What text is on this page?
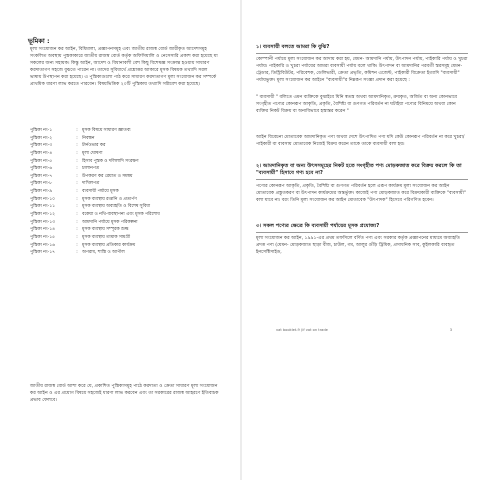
ভূমিকা :
মূল্য সংযোজন কর আইন, বিধিমালা, প্রজ্ঞাপনসমূহ এবং জাতীয় রাজস্ব বোর্ড জারীকৃত আদেশসমূহ সংকলিত অবস্থায় পুস্তকাকারে জাতীয় রাজস্ব বোর্ড কর্তৃক অফিসিয়ালি ও নেসেসারি প্রকাশ করা হয়েছে যা সকলের জন্য সহায়ক। কিন্তু আইন, আদেশ ও বিধানাবলী বেশ কিছু বিশেষজ্ঞ সংক্রান্ত হওয়ায় সাধারণ করদাতাগণ সহজে বুঝতে পারেন না। তাদের সুবিধার্থে প্রশ্নোত্তর আকারে মূসক বিষয়ক তথ্যাদি সরল ভাষায় উপস্থাপন করা হয়েছে। এ পুস্তিকাগুলো পাঠ করে সাধারণ করদাতাগণ মূল্য সংযোজন কর সম্পর্কে প্রাথমিক ধারণা লাভ করতে পারবেন। বিষয়ভিত্তিক ২০টি পুস্তিকায় তথ্যাদি সন্নিবেশ করা হয়েছে।
পুস্তিকা নং-১	: মূসক বিষয়ে সাধারণ জ্ঞাতব্য
পুস্তিকা নং-২	: নিবন্ধন
পুস্তিকা নং-৩	: টার্নওভার কর
পুস্তিকা নং-৪	: মূল্য ঘোষণা
পুস্তিকা নং-৫	: হিসাব পুস্তক ও দলিলাদি সংরক্ষণ
পুস্তিকা নং-৬	: চালানপত্র
পুস্তিকা নং-৭	: উপকরণ কর রেয়াত ও সমন্বয়
পুস্তিকা নং-৮	: দাখিলপত্র
পুস্তিকা নং-৯	: ব্যবসায়ী পর্যায়ে মূসক
পুস্তিকা নং-১০	: মূসক ব্যবস্থায় রপ্তানি ও প্রত্যর্পণ
পুস্তিকা নং-১১	: মূসক ব্যবস্থায় অব্যাহতি ও বিশেষ সুবিধা
পুস্তিকা নং-১২	: বকেয়া ও নথি-ব্যবস্থাপনা এবং মূসক পরিশোধ
পুস্তিকা নং-১৩	: আমদানি পর্যায়ে মূসক পরিকল্পনা
পুস্তিকা নং-১৪	: মূসক ব্যবস্থায় সম্পূরক শুল্ক
পুস্তিকা নং-১৫	: মূসক ব্যবস্থায় তামাক সামগ্রী
পুস্তিকা নং-১৬	: মূসক ব্যবস্থায় প্রতিকার কার্যক্রম
পুস্তিকা নং-১৭	: অপরাধ, শাস্তি ও আপীল
জাতীয় রাজস্ব বোর্ড আশা করে যে, প্রকাশিত পুস্তিকাসমূহ পাঠে করদাতা ও ক্রেতা সাধারণ মূল্য সংযোজন কর আইন ও এর প্রয়োগ বিষয়ে সহজেই ধারণা লাভ করবেন এবং তা সরকারের রাজস্ব আহরণে ইতিবাচক প্রভাব ফেলবে।
১। ব্যবসায়ী বলতে আমরা কি বুঝি?
কোম্পানী পর্যায়ে মূল্য সংযোজন কর আদায় করা হয়, যেমন- আমদানি পর্যায়, উৎপাদন পর্যায়, পাইকারি পর্যায় ও খুচরা পর্যায়। পাইকারি ও খুচরা পর্যায়ের আমরা ব্যবসায়ী পর্যায় বলে থাকি। উৎপাদন বা আমদানির পরবর্তী স্তরসমূহ যেমন- ট্রেডার, ডিস্ট্রিবিউটর, পরিবেশক, ডেলিভারী, ক্রেতা প্রভৃতি, কমিশন এজেন্ট, পাইকারী বিক্রেতা ইত্যাদি "ব্যবসায়ী" পর্যায়ভুক্ত। মূল্য সংযোজন কর আইনে "ব্যবসায়ী"র নিম্নরূপ সংজ্ঞা প্রদান করা হয়েছে :
" ব্যবসায়ী " বলিতে এমন ব্যক্তিকে বুঝাইবে যিনি স্বতন্ত্র অথবা আমদানিকৃত, ক্রয়কৃত, অর্জিত বা অন্য কোনভাবে সংগৃহীত পণ্যের কোনরূপ আকৃতি, প্রকৃতি, বৈশিষ্ট্য বা গুণগত পরিবর্তন না ঘটাইয়া পণ্যের বিনিময়ে অথবা কোন ব্যক্তির নিকট বিক্রয় বা অন্যবিভাবে হস্তান্তর করেন "
আইন বিবেচনা মোতাবেক আমদানিকৃত পণ্য অথবা দেশে উৎপাদিত পণ্য যদি কেউ কোনরূপ পরিবর্তন না করে খুচরা/পাইকারী বা ব্যবসায় মোতাবেক নিজেই বিক্রয় করেন তাকে তাকে ব্যবসায়ী বলা হয়।
২। আমদানিকৃত বা অন্য উৎসসমূহের নিকট হতে সংগৃহীত পণ্য মোড়কজাত করে বিক্রয় করলে কি তা "ব্যবসায়ী" হিসাবে গণ্য হবে না?
পণ্যের কোনরূপ আকৃতি, প্রকৃতি, বৈশিষ্ট্য বা গুণগত পরিবর্তন হলে এরূপ কার্যক্রম মূল্য সংযোজন কর আইন মোতাবেক প্রস্তুতকরণ বা উৎপাদন কার্যক্রমের অন্তর্ভুক্ত। কাজেই পণ্য মোড়কজাত করে বিক্রয়কারী ব্যক্তিকে "ব্যবসায়ী" বলা যাবে না। বরং তিনি মূল্য সংযোজন কর আইন মোতাবেক "উৎপাদক" হিসেবে পরিগণিত হবেন।
৩। সকল পণ্যের ক্ষেত্রে কি ব্যবসায়ী পর্যায়ের মূসক প্রযোজ্য?
মূল্য সংযোজন কর আইন, ১৯৯১-এর প্রথম তফসিলে বর্ণিত পণ্য এবং সরকার কর্তৃক প্রজ্ঞাপনের মাধ্যমে অব্যাহতি প্রদত্ত পণ্য (যেমন- মোড়কজাত ছাড়া বীজ, চাউল, গম, আলুর গুঁড়ি ট্রিমিক, প্রসাধনিক সাব, কুইলকারি ব্যবহৃত ইনসেক্টিসাইড,
vat booklet-9 (if vat on trade	3
